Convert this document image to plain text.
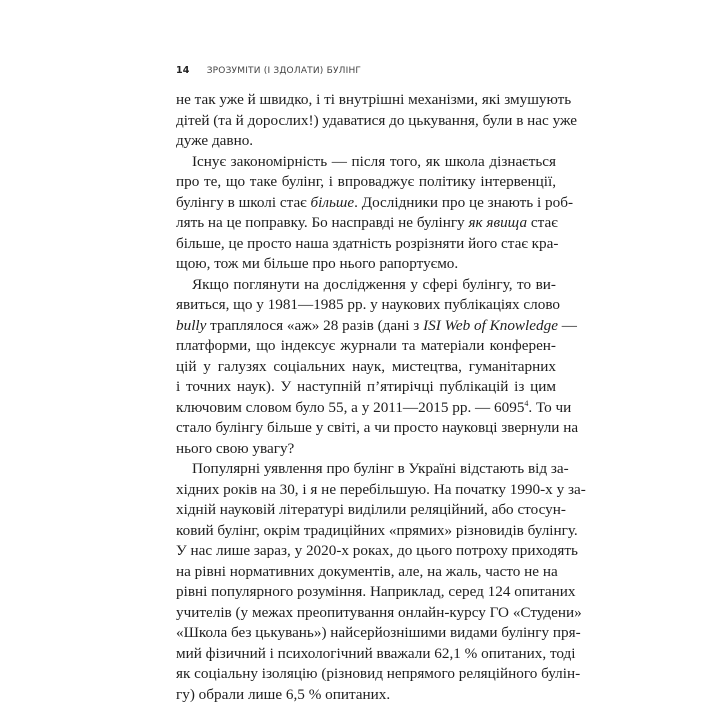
14 ЗРОЗУМІТИ (І ЗДОЛАТИ) БУЛІНГ
не так уже й швидко, і ті внутрішні механізми, які змушують
дітей (та й дорослих!) удаватися до цькування, були в нас уже
дуже давно.
Існує закономірність — після того, як школа дізнається
про те, що таке булінг, і впроваджує політику інтервенції,
булінгу в школі стає більше. Дослідники про це знають і роб-
лять на це поправку. Бо насправді не булінгу як явища стає
більше, це просто наша здатність розрізняти його стає кра-
щою, тож ми більше про нього рапортуємо.
Якщо поглянути на дослідження у сфері булінгу, то ви-
явиться, що у 1981—1985 рр. у наукових публікаціях слово
bully траплялося «аж» 28 разів (дані з ISI Web of Knowledge —
платформи, що індексує журнали та матеріали конферен-
цій у галузях соціальних наук, мистецтва, гуманітарних
і точних наук). У наступній п’ятирічці публікацій із цим
ключовим словом було 55, а у 2011—2015 рр. — 6095$^4$. То чи
стало булінгу більше у світі, а чи просто науковці звернули на
нього свою увагу?
Популярні уявлення про булінг в Україні відстають від за-
хідних років на 30, і я не перебільшую. На початку 1990-х у за-
хідній науковій літературі виділили реляційний, або стосун-
ковий булінг, окрім традиційних «прямих» різновидів булінгу.
У нас лише зараз, у 2020-х роках, до цього потроху приходять
на рівні нормативних документів, але, на жаль, часто не на
рівні популярного розуміння. Наприклад, серед 124 опитаних
учителів (у межах преопитування онлайн-курсу ГО «Студени»
«Школа без цькувань») найсерйознішими видами булінгу пря-
мий фізичний і психологічний вважали 62,1 % опитаних, тоді
як соціальну ізоляцію (різновид непрямого реляційного булін-
гу) обрали лише 6,5 % опитаних.
